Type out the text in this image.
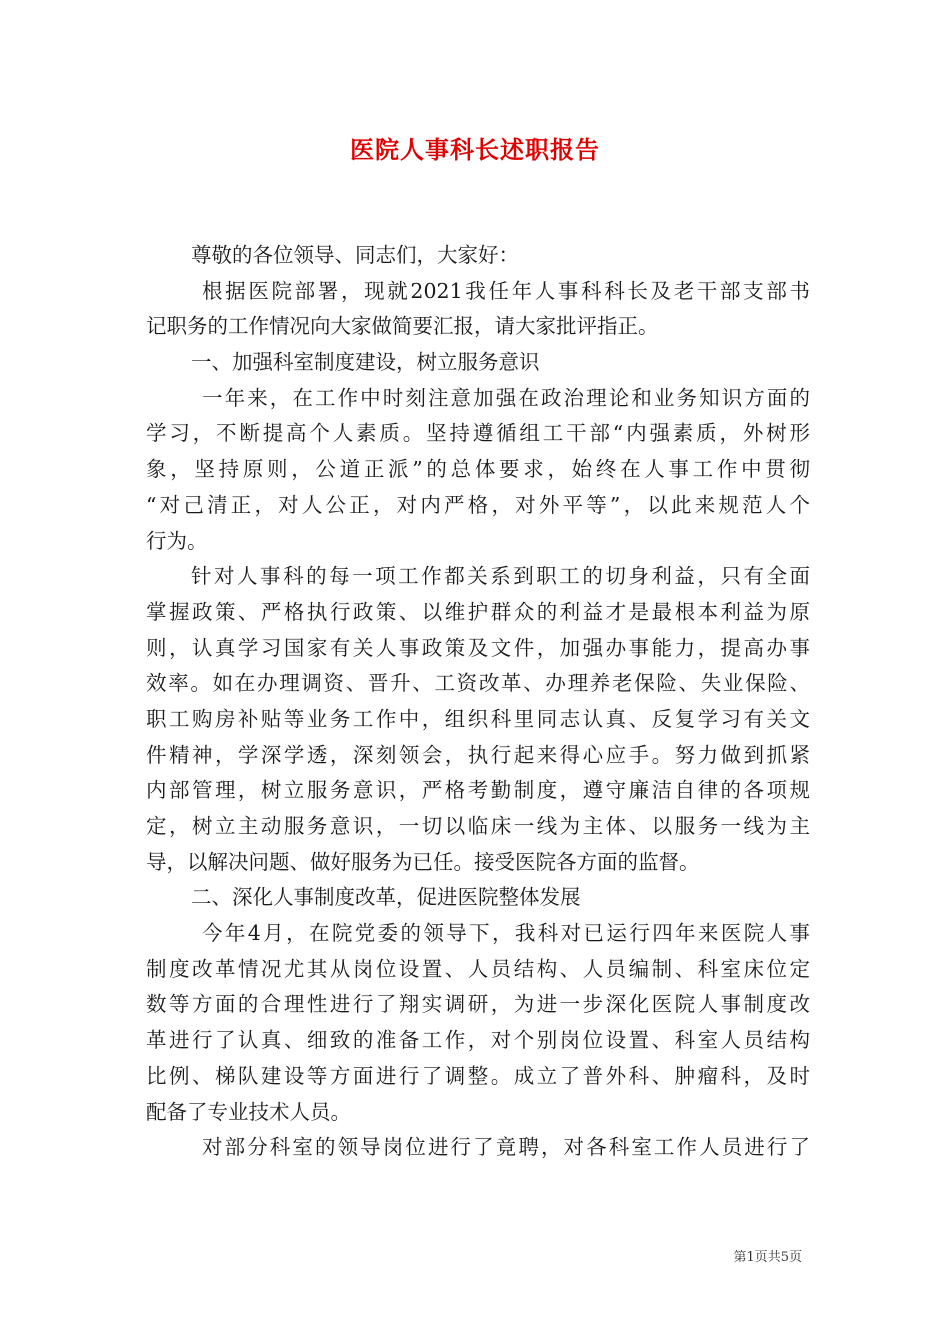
医院人事科长述职报告
尊敬的各位领导、同志们，大家好：
根据医院部署，现就2021我任年人事科科长及老干部支部书
记职务的工作情况向大家做简要汇报，请大家批评指正。
一、加强科室制度建设，树立服务意识
一年来，在工作中时刻注意加强在政治理论和业务知识方面的
学习，不断提高个人素质。坚持遵循组工干部“内强素质，外树形
象，坚持原则，公道正派”的总体要求，始终在人事工作中贯彻
“对己清正，对人公正，对内严格，对外平等”，以此来规范人个
行为。
针对人事科的每一项工作都关系到职工的切身利益，只有全面
掌握政策、严格执行政策、以维护群众的利益才是最根本利益为原
则，认真学习国家有关人事政策及文件，加强办事能力，提高办事
效率。如在办理调资、晋升、工资改革、办理养老保险、失业保险、
职工购房补贴等业务工作中，组织科里同志认真、反复学习有关文
件精神，学深学透，深刻领会，执行起来得心应手。努力做到抓紧
内部管理，树立服务意识，严格考勤制度，遵守廉洁自律的各项规
定，树立主动服务意识，一切以临床一线为主体、以服务一线为主
导，以解决问题、做好服务为已任。接受医院各方面的监督。
二、深化人事制度改革，促进医院整体发展
今年4月，在院党委的领导下，我科对已运行四年来医院人事
制度改革情况尤其从岗位设置、人员结构、人员编制、科室床位定
数等方面的合理性进行了翔实调研，为进一步深化医院人事制度改
革进行了认真、细致的准备工作，对个别岗位设置、科室人员结构
比例、梯队建设等方面进行了调整。成立了普外科、肿瘤科，及时
配备了专业技术人员。
对部分科室的领导岗位进行了竟聘，对各科室工作人员进行了
第1页共5页
